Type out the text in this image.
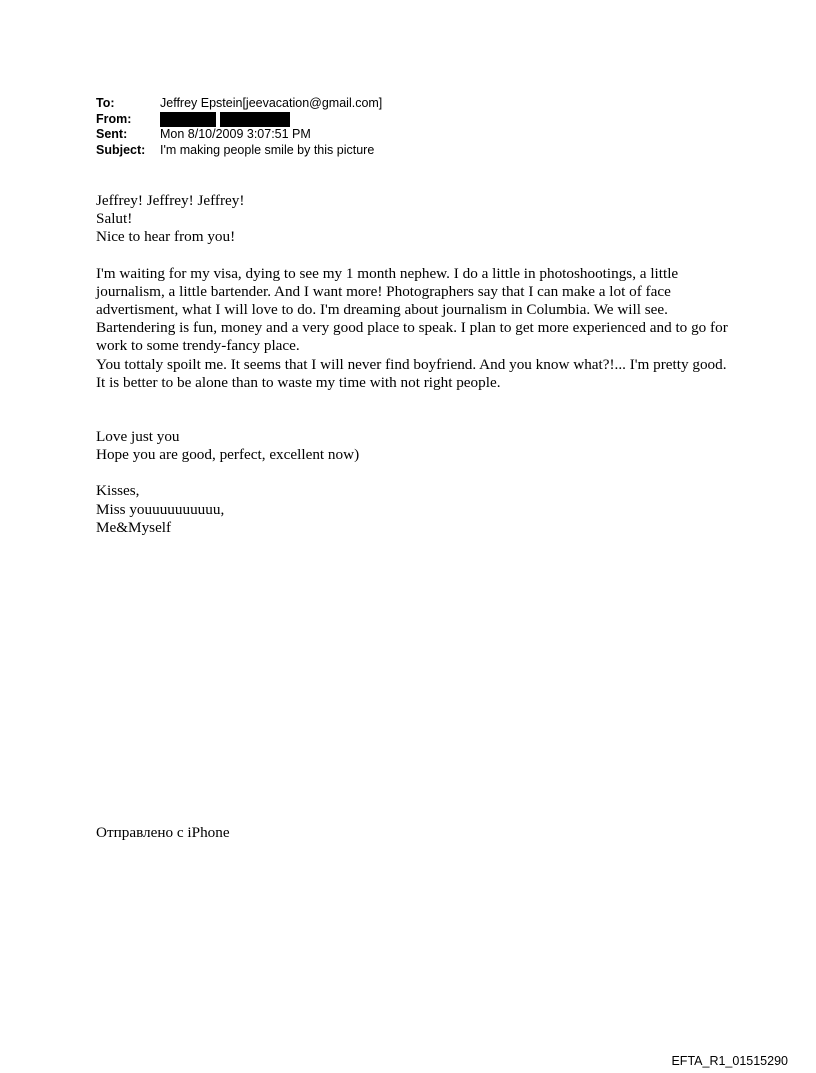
To:	Jeffrey Epstein[jeevacation@gmail.com]
From:
Sent:	Mon 8/10/2009 3:07:51 PM
Subject:	I'm making people smile by this picture

Jeffrey! Jeffrey! Jeffrey!

Salut!

Nice to hear from you!

I'm waiting for my visa, dying to see my 1 month nephew. I do a little in photoshootings, a little journalism, a little bartender. And I want more! Photographers say that I can make a lot of face advertisment, what I will love to do. I'm dreaming about journalism in Columbia. We will see. Bartendering is fun, money and a very good place to speak. I plan to get more experienced and to go for work to some trendy-fancy place.

You tottaly spoilt me. It seems that I will never find boyfriend. And you know what?!... I'm pretty good. It is better to be alone than to waste my time with not right people.

Love just you

Hope you are good, perfect, excellent now)

Kisses,

Miss youuuuuuuuuu,

Me&Myself

Отправлено с iPhone
EFTA_R1_01515290
